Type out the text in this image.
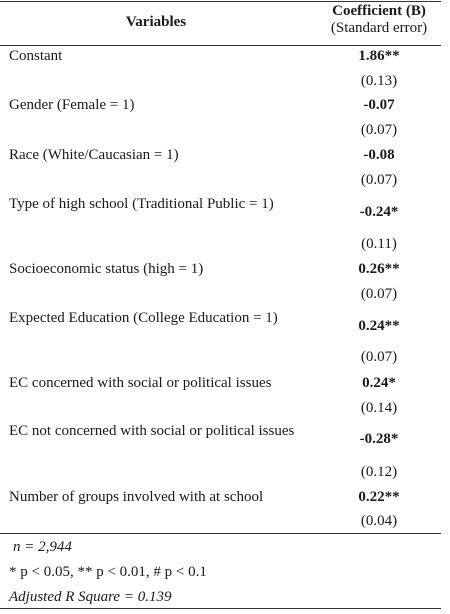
Variables
Coefficient (B)
(Standard error)
Constant	1.86**
(0.13)
Gender (Female = 1)	-0.07
(0.07)
Race (White/Caucasian = 1)	-0.08
(0.07)
Type of high school (Traditional Public = 1)	-0.24*
(0.11)
Socioeconomic status (high = 1)	0.26**
(0.07)
Expected Education (College Education = 1)	0.24**
(0.07)
EC concerned with social or political issues	0.24*
(0.14)
EC not concerned with social or political issues	-0.28*
(0.12)
Number of groups involved with at school	0.22**
(0.04)
n = 2,944
* p < 0.05, ** p < 0.01, # p < 0.1
Adjusted R Square = 0.139
